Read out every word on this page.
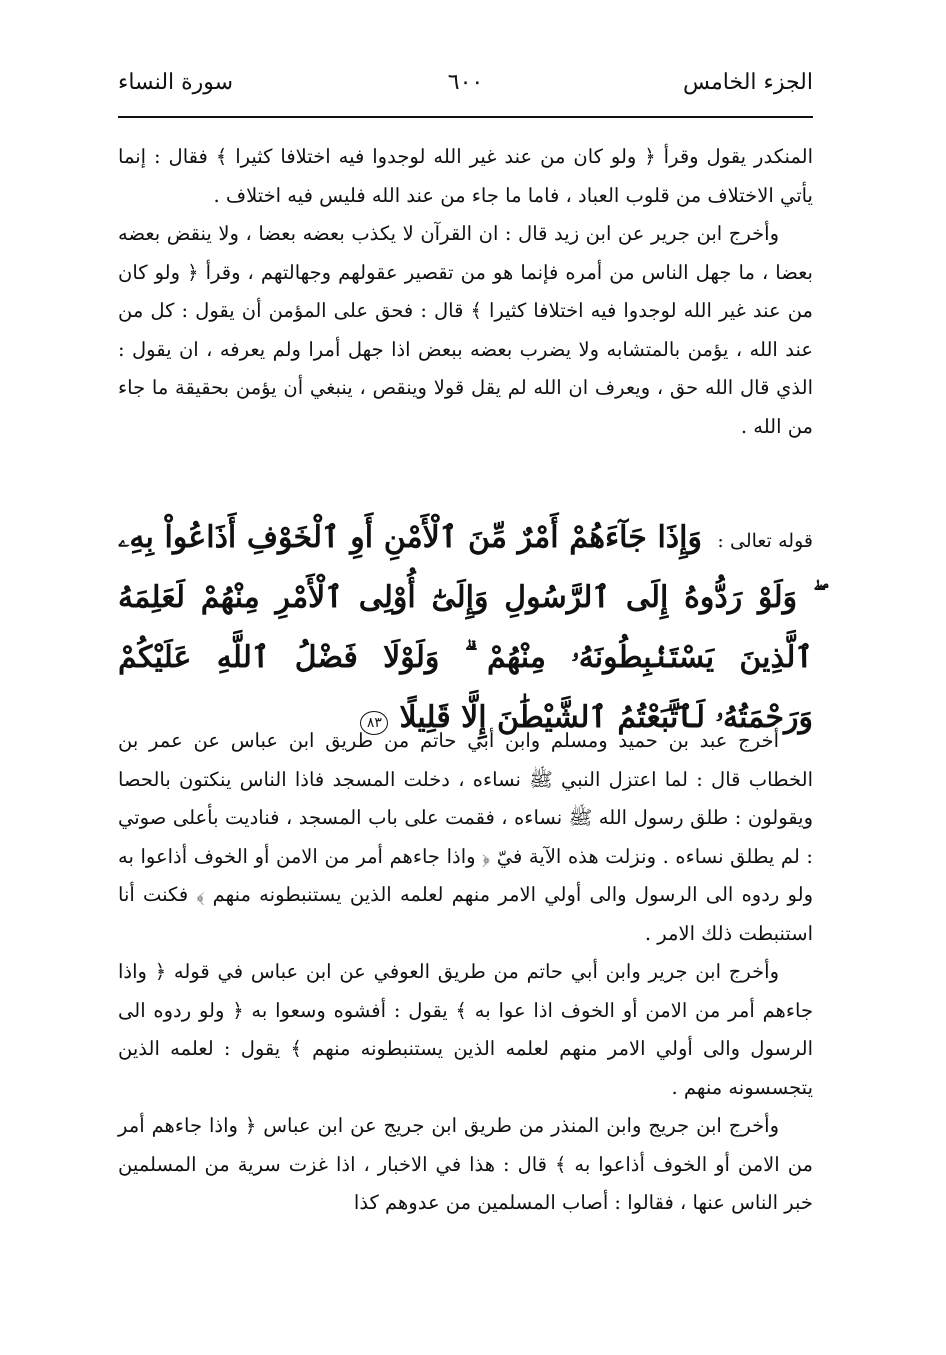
الجزء الخامس
٦٠٠
سورة النساء

المنكدر يقول وقرأ ﴿ ولو كان من عند غير الله لوجدوا فيه اختلافا كثيرا ﴾ فقال : إنما يأتي الاختلاف من قلوب العباد ، فاما ما جاء من عند الله فليس فيه اختلاف .

وأخرج ابن جرير عن ابن زيد قال : ان القرآن لا يكذب بعضه بعضا ، ولا ينقض بعضه بعضا ، ما جهل الناس من أمره فإنما هو من تقصير عقولهم وجهالتهم ، وقرأ ﴿ ولو كان من عند غير الله لوجدوا فيه اختلافا كثيرا ﴾ قال : فحق على المؤمن أن يقول : كل من عند الله ، يؤمن بالمتشابه ولا يضرب بعضه ببعض اذا جهل أمرا ولم يعرفه ، ان يقول : الذي قال الله حق ، ويعرف ان الله لم يقل قولا وينقص ، ينبغي أن يؤمن بحقيقة ما جاء من الله .

قوله تعالى : وَإِذَا جَآءَهُمْ أَمْرٌ مِّنَ ٱلْأَمْنِ أَوِ ٱلْخَوْفِ أَذَاعُواْ بِهِۦ ۖ وَلَوْ رَدُّوهُ إِلَى ٱلرَّسُولِ وَإِلَىٰٓ أُوْلِى ٱلْأَمْرِ مِنْهُمْ لَعَلِمَهُ ٱلَّذِينَ يَسْتَنۢبِطُونَهُۥ مِنْهُمْ ۗ وَلَوْلَا فَضْلُ ٱللَّهِ عَلَيْكُمْ وَرَحْمَتُهُۥ لَٱتَّبَعْتُمُ ٱلشَّيْطَٰنَ إِلَّا قَلِيلًا ٨٣

أخرج عبد بن حميد ومسلم وابن أبي حاتم من طريق ابن عباس عن عمر بن الخطاب قال : لما اعتزل النبي ﷺ نساءه ، دخلت المسجد فاذا الناس ينكتون بالحصا ويقولون : طلق رسول الله ﷺ نساءه ، فقمت على باب المسجد ، فناديت بأعلى صوتي : لم يطلق نساءه . ونزلت هذه الآية فيّ ﴿ واذا جاءهم أمر من الامن أو الخوف أذاعوا به ولو ردوه الى الرسول والى أولي الامر منهم لعلمه الذين يستنبطونه منهم ﴾ فكنت أنا استنبطت ذلك الامر .

وأخرج ابن جرير وابن أبي حاتم من طريق العوفي عن ابن عباس في قوله ﴿ واذا جاءهم أمر من الامن أو الخوف اذا عوا به ﴾ يقول : أفشوه وسعوا به ﴿ ولو ردوه الى الرسول والى أولي الامر منهم لعلمه الذين يستنبطونه منهم ﴾ يقول : لعلمه الذين يتجسسونه منهم .

وأخرج ابن جريج وابن المنذر من طريق ابن جريج عن ابن عباس ﴿ واذا جاءهم أمر من الامن أو الخوف أذاعوا به ﴾ قال : هذا في الاخبار ، اذا غزت سرية من المسلمين خبر الناس عنها ، فقالوا : أصاب المسلمين من عدوهم كذا
